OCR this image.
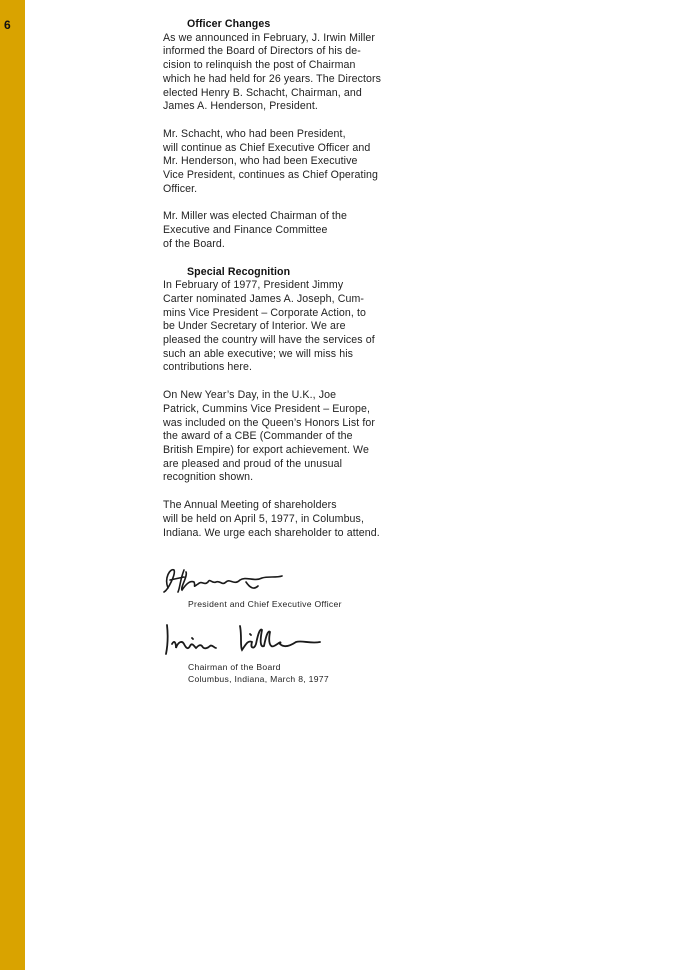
6	Officer Changes
As we announced in February, J. Irwin Miller
informed the Board of Directors of his de-
cision to relinquish the post of Chairman
which he had held for 26 years. The Directors
elected Henry B. Schacht, Chairman, and
James A. Henderson, President.
Mr. Schacht, who had been President,
will continue as Chief Executive Officer and
Mr. Henderson, who had been Executive
Vice President, continues as Chief Operating
Officer.
Mr. Miller was elected Chairman of the
Executive and Finance Committee
of the Board.
Special Recognition
In February of 1977, President Jimmy
Carter nominated James A. Joseph, Cum-
mins Vice President – Corporate Action, to
be Under Secretary of Interior. We are
pleased the country will have the services of
such an able executive; we will miss his
contributions here.
On New Year’s Day, in the U.K., Joe
Patrick, Cummins Vice President – Europe,
was included on the Queen’s Honors List for
the award of a CBE (Commander of the
British Empire) for export achievement. We
are pleased and proud of the unusual
recognition shown.
The Annual Meeting of shareholders
will be held on April 5, 1977, in Columbus,
Indiana. We urge each shareholder to attend.
President and Chief Executive Officer
Chairman of the Board
Columbus, Indiana, March 8, 1977
